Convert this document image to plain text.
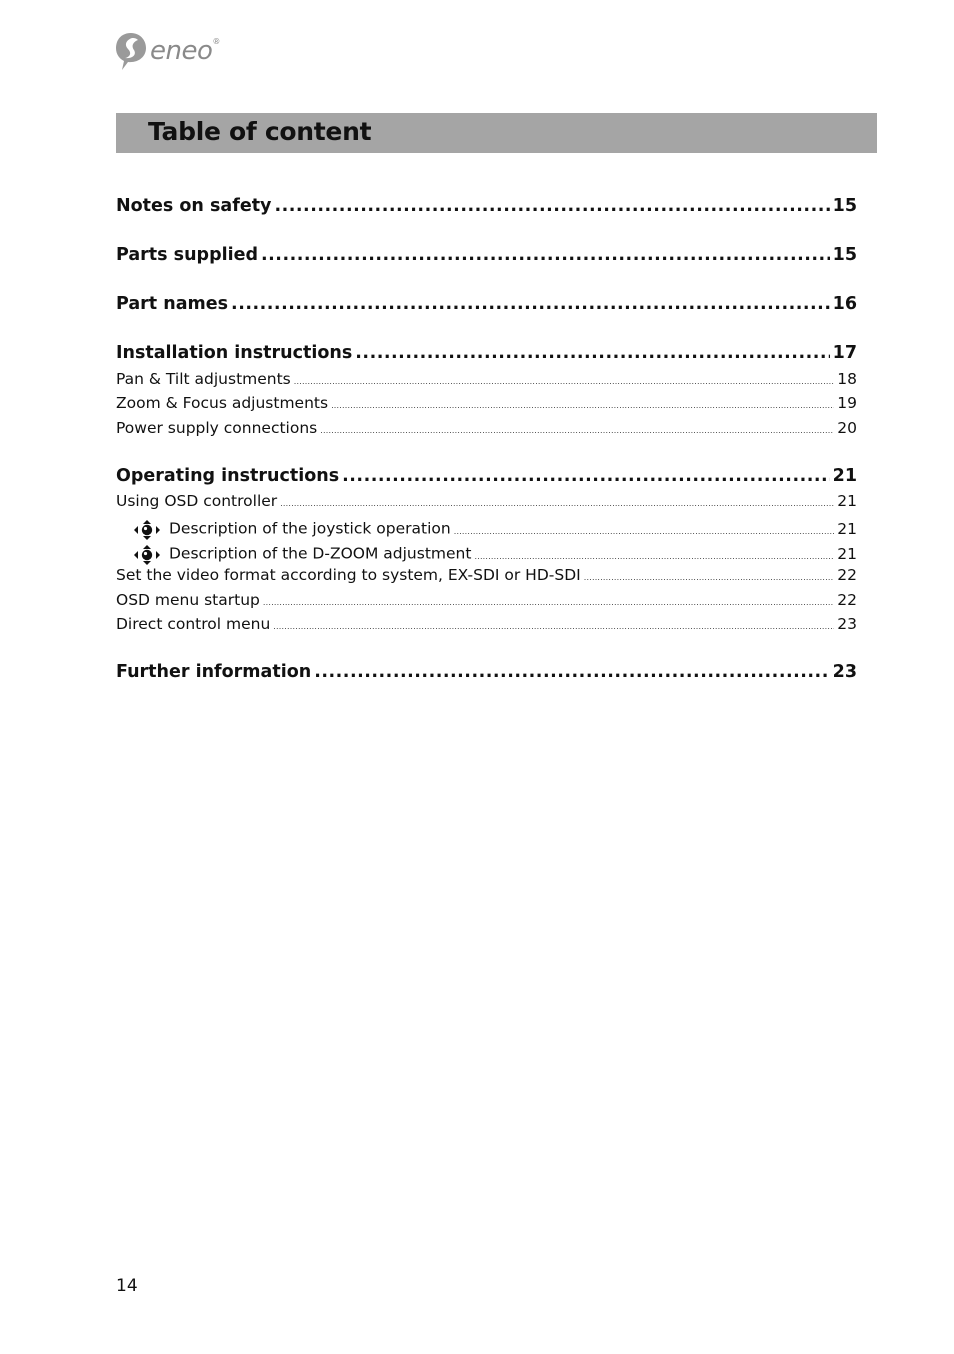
eneo®
Table of content
Notes on safety .....	15
Parts supplied .....	15
Part names .....	16
Installation instructions .....	17
Pan & Tilt adjustments .....	18
Zoom & Focus adjustments .....	19
Power supply connections .....	20
Operating instructions .....	21
Using OSD controller .....	21
Description of the joystick operation .....	21
Description of the D-ZOOM adjustment .....	21
Set the video format according to system, EX-SDI or HD-SDI .....	22
OSD menu startup .....	22
Direct control menu .....	23
Further information .....	23
14
